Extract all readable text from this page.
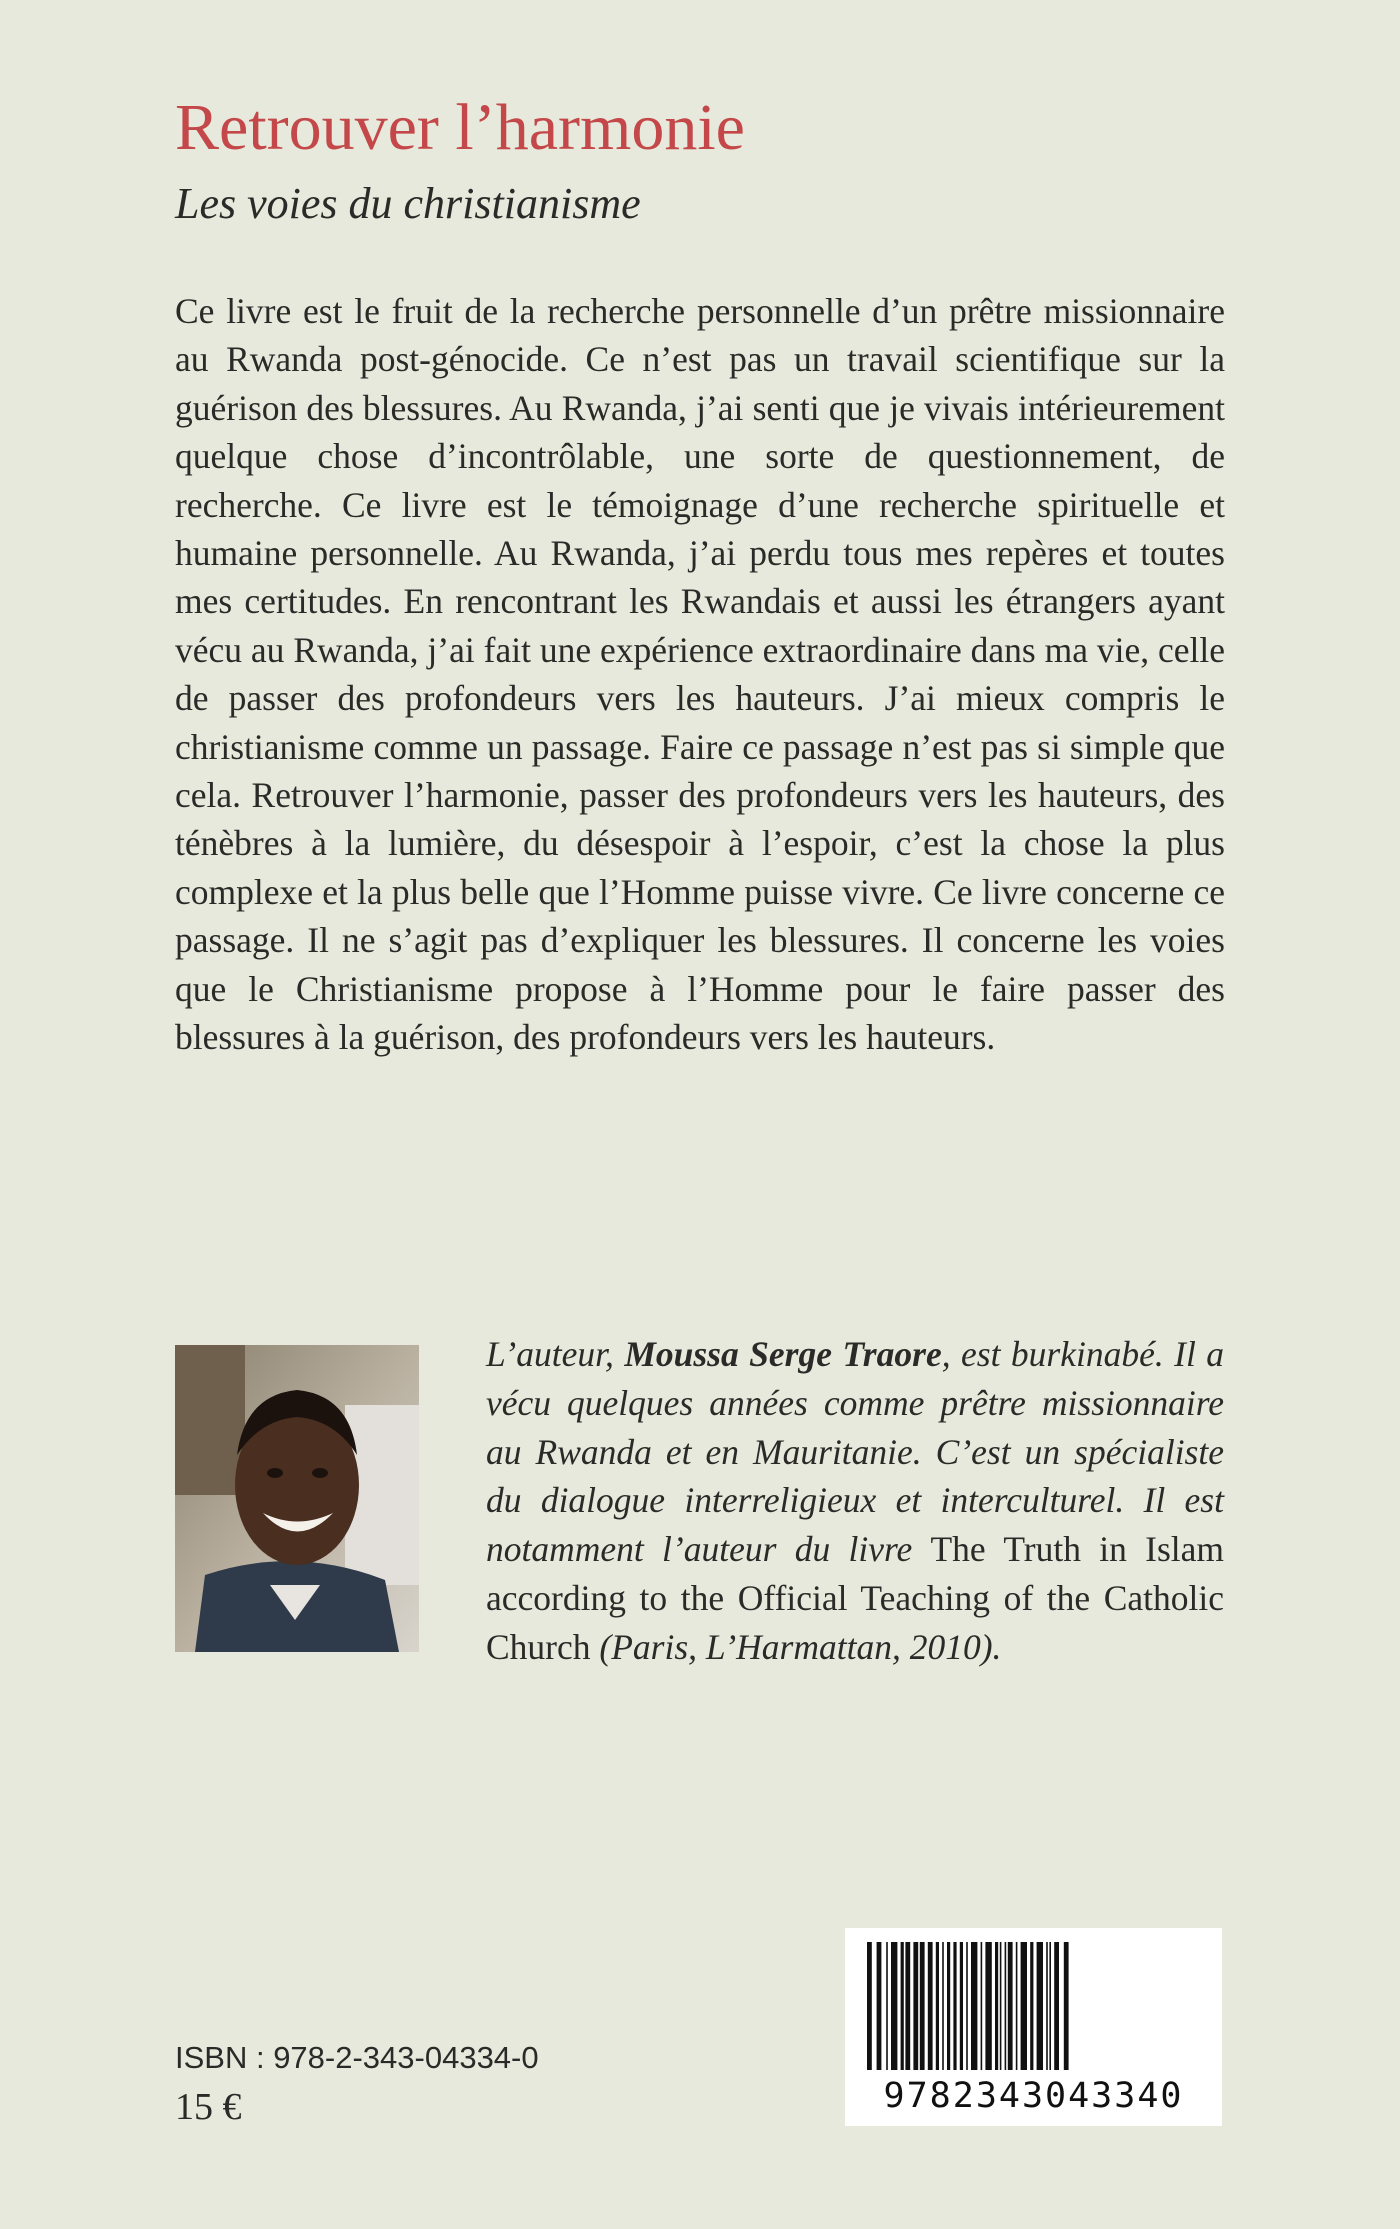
Retrouver l’harmonie

Les voies du christianisme

Ce livre est le fruit de la recherche personnelle d’un prêtre missionnaire au Rwanda post-génocide. Ce n’est pas un travail scientifique sur la guérison des blessures. Au Rwanda, j’ai senti que je vivais intérieurement quelque chose d’incontrôlable, une sorte de questionnement, de recherche. Ce livre est le témoignage d’une recherche spirituelle et humaine personnelle. Au Rwanda, j’ai perdu tous mes repères et toutes mes certitudes. En rencontrant les Rwandais et aussi les étrangers ayant vécu au Rwanda, j’ai fait une expérience extraordinaire dans ma vie, celle de passer des profondeurs vers les hauteurs. J’ai mieux compris le christianisme comme un passage. Faire ce passage n’est pas si simple que cela. Retrouver l’harmonie, passer des profondeurs vers les hauteurs, des ténèbres à la lumière, du désespoir à l’espoir, c’est la chose la plus complexe et la plus belle que l’Homme puisse vivre. Ce livre concerne ce passage. Il ne s’agit pas d’expliquer les blessures. Il concerne les voies que le Christianisme propose à l’Homme pour le faire passer des blessures à la guérison, des profondeurs vers les hauteurs.

L’auteur, Moussa Serge Traore, est burkinabé. Il a vécu quelques années comme prêtre missionnaire au Rwanda et en Mauritanie. C’est un spécialiste du dialogue interreligieux et interculturel. Il est notamment l’auteur du livre The Truth in Islam according to the Official Teaching of the Catholic Church (Paris, L’Harmattan, 2010).

ISBN : 978-2-343-04334-0
15 €	9782343043340
